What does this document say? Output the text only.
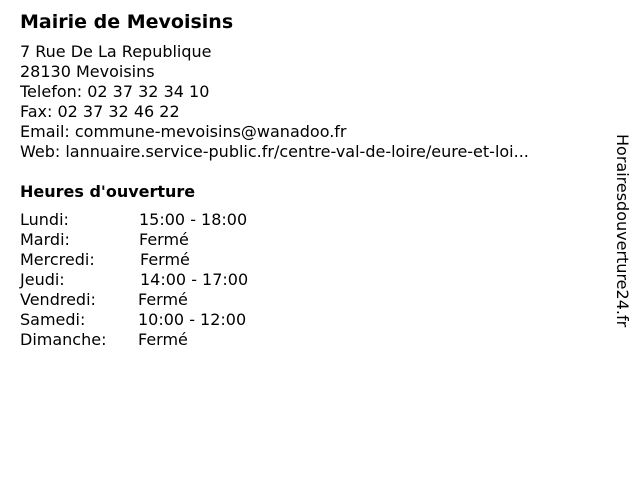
Mairie de Mevoisins
7 Rue De La Republique
28130 Mevoisins
Telefon: 02 37 32 34 10
Fax: 02 37 32 46 22
Email: commune-mevoisins@wanadoo.fr
Web: lannuaire.service-public.fr/centre-val-de-loire/eure-et-loi...
Heures d'ouverture
Lundi:	15:00 - 18:00
Mardi:	Fermé
Mercredi:	Fermé
Jeudi:	14:00 - 17:00
Vendredi:	Fermé
Samedi:	10:00 - 12:00
Dimanche:	Fermé
Horairesdouverture24.fr
